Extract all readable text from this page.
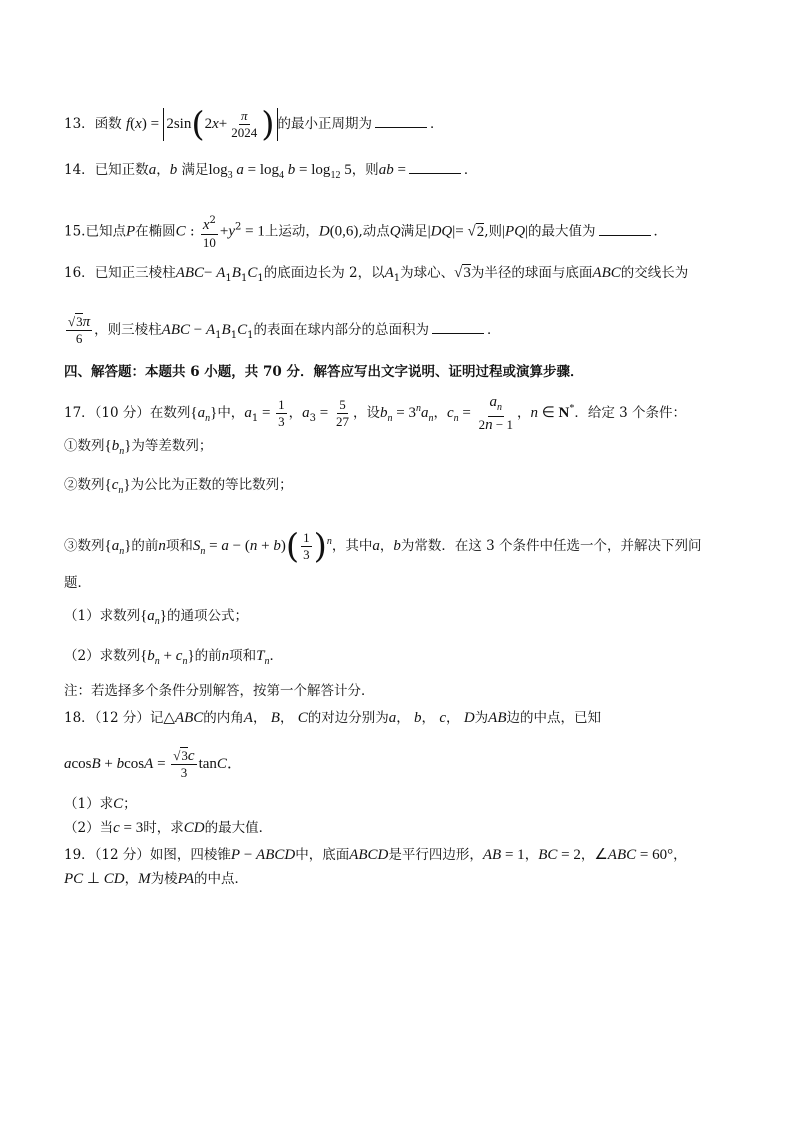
13．函数 $f(x) = 2\sin(2x+ \frac{\pi}{2024}$ ) 的最小正周期为	．
14．已知正数a，b 满足$\log_3 a = \log_4 b = \log_{12} 5$，则ab =	．
15.已知点P在椭圆C : $\frac{x^2}{10} +y^2 = 1$上运动，D(0,6),动点Q满足|DQ|= √2,则|PQ|的最大值为	．
16．已知正三棱柱$ABC- A_1B_1C_1$的底面边长为 2，以$A_1$为球心、√3为半径的球面与底面ABC的交线长为
$\frac{√3\pi}{6}$ ，则三棱柱ABC − $A_1B_1C_1$的表面在球内部分的总面积为	．
四、解答题：本题共 6 小题，共 70 分．解答应写出文字说明、证明过程或演算步骤．
17．（10 分）在数列$\{a_n\}$中，$a_1 = \frac{1}{3}$ ，$a_3 = \frac{5}{27}$ ，设$b_n = 3^na_n$，$c_n = \frac{a_n}{2n - 1}$ ，n ∈ N*．给定 3 个条件：
①数列$\{b_n\}$为等差数列；
②数列$\{c_n\}$为公比为正数的等比数列；
③数列$\{a_n\}$的前n项和$S_n = a - (n + b)( \frac{1}{3} )^n$，其中a，b为常数．在这 3 个条件中任选一个，并解决下列问
题．
（1）求数列$\{a_n\}$的通项公式；
（2）求数列$\{b_n + c_n\}$的前n项和$T_n$．
注：若选择多个条件分别解答，按第一个解答计分．
18．（12 分）记△ABC的内角A， B， C的对边分别为a， b， c， D为AB边的中点，已知
$acosB + bcosA = \frac{√3c}{3}$ tanC．
（1）求C；
（2）当c = 3时，求CD的最大值．
19．（12 分）如图，四棱锥P − ABCD中，底面ABCD是平行四边形，AB = 1，BC = 2，∠ABC = 60°，
PC ⊥ CD，M为棱PA的中点．
